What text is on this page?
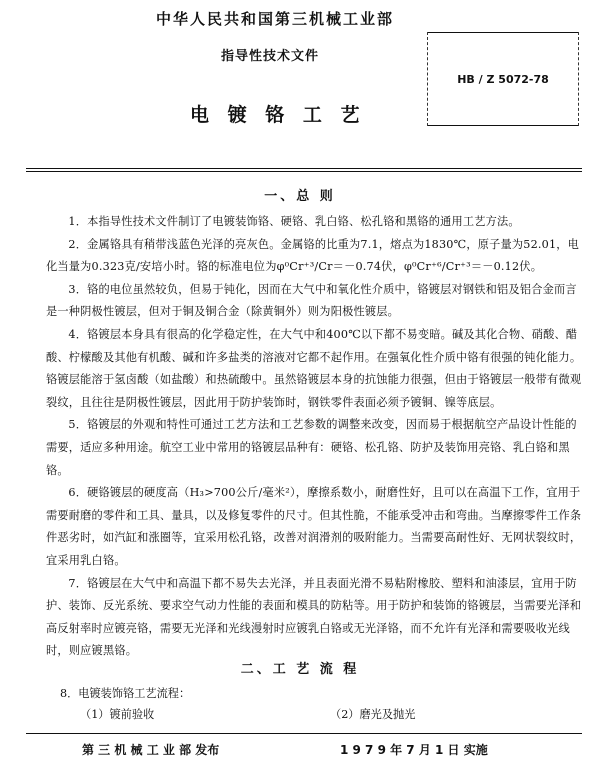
中华人民共和国第三机械工业部
指导性技术文件
HB / Z 5072-78
电 镀 铬 工 艺
一、总 则

1．本指导性技术文件制订了电镀装饰铬、硬铬、乳白铬、松孔铬和黑铬的通用工艺方法。

2．金属铬具有稍带浅蓝色光泽的亮灰色。金属铬的比重为7.1，熔点为1830℃，原子量为52.01，电化当量为0.323克/安培小时。铬的标准电位为φ⁰Cr⁺³/Cr＝－0.74伏，φ⁰Cr⁺⁶/Cr⁺³＝－0.12伏。

3．铬的电位虽然较负，但易于钝化，因而在大气中和氧化性介质中，铬镀层对钢铁和铝及铝合金而言是一种阴极性镀层，但对于铜及铜合金（除黄铜外）则为阳极性镀层。

4．铬镀层本身具有很高的化学稳定性，在大气中和400℃以下都不易变暗。碱及其化合物、硝酸、醋酸、柠檬酸及其他有机酸、碱和许多盐类的溶液对它都不起作用。在强氧化性介质中铬有很强的钝化能力。铬镀层能溶于氢卤酸（如盐酸）和热硫酸中。虽然铬镀层本身的抗蚀能力很强，但由于铬镀层一般带有微观裂纹，且往往是阴极性镀层，因此用于防护装饰时，钢铁零件表面必须予镀铜、镍等底层。

5．铬镀层的外观和特性可通过工艺方法和工艺参数的调整来改变，因而易于根据航空产品设计性能的需要，适应多种用途。航空工业中常用的铬镀层品种有：硬铬、松孔铬、防护及装饰用亮铬、乳白铬和黑铬。

6．硬铬镀层的硬度高（H₃>700公斤/毫米²），摩擦系数小，耐磨性好，且可以在高温下工作，宜用于需要耐磨的零件和工具、量具，以及修复零件的尺寸。但其性脆，不能承受冲击和弯曲。当摩擦零件工作条件恶劣时，如汽缸和涨圈等，宜采用松孔铬，改善对润滑剂的吸附能力。当需要高耐性好、无网状裂纹时，宜采用乳白铬。

7．铬镀层在大气中和高温下都不易失去光泽，并且表面光滑不易粘附橡胶、塑料和油漆层，宜用于防护、装饰、反光系统、要求空气动力性能的表面和模具的防粘等。用于防护和装饰的铬镀层，当需要光泽和高反射率时应镀亮铬，需要无光泽和光线漫射时应镀乳白铬或无光泽铬，而不允许有光泽和需要吸收光线时，则应镀黑铬。

二、工 艺 流 程
8．电镀装饰铬工艺流程：
（1）镀前验收	（2）磨光及抛光
第 三 机 械 工 业 部 发布	1 9 7 9 年 7 月 1 日 实施
